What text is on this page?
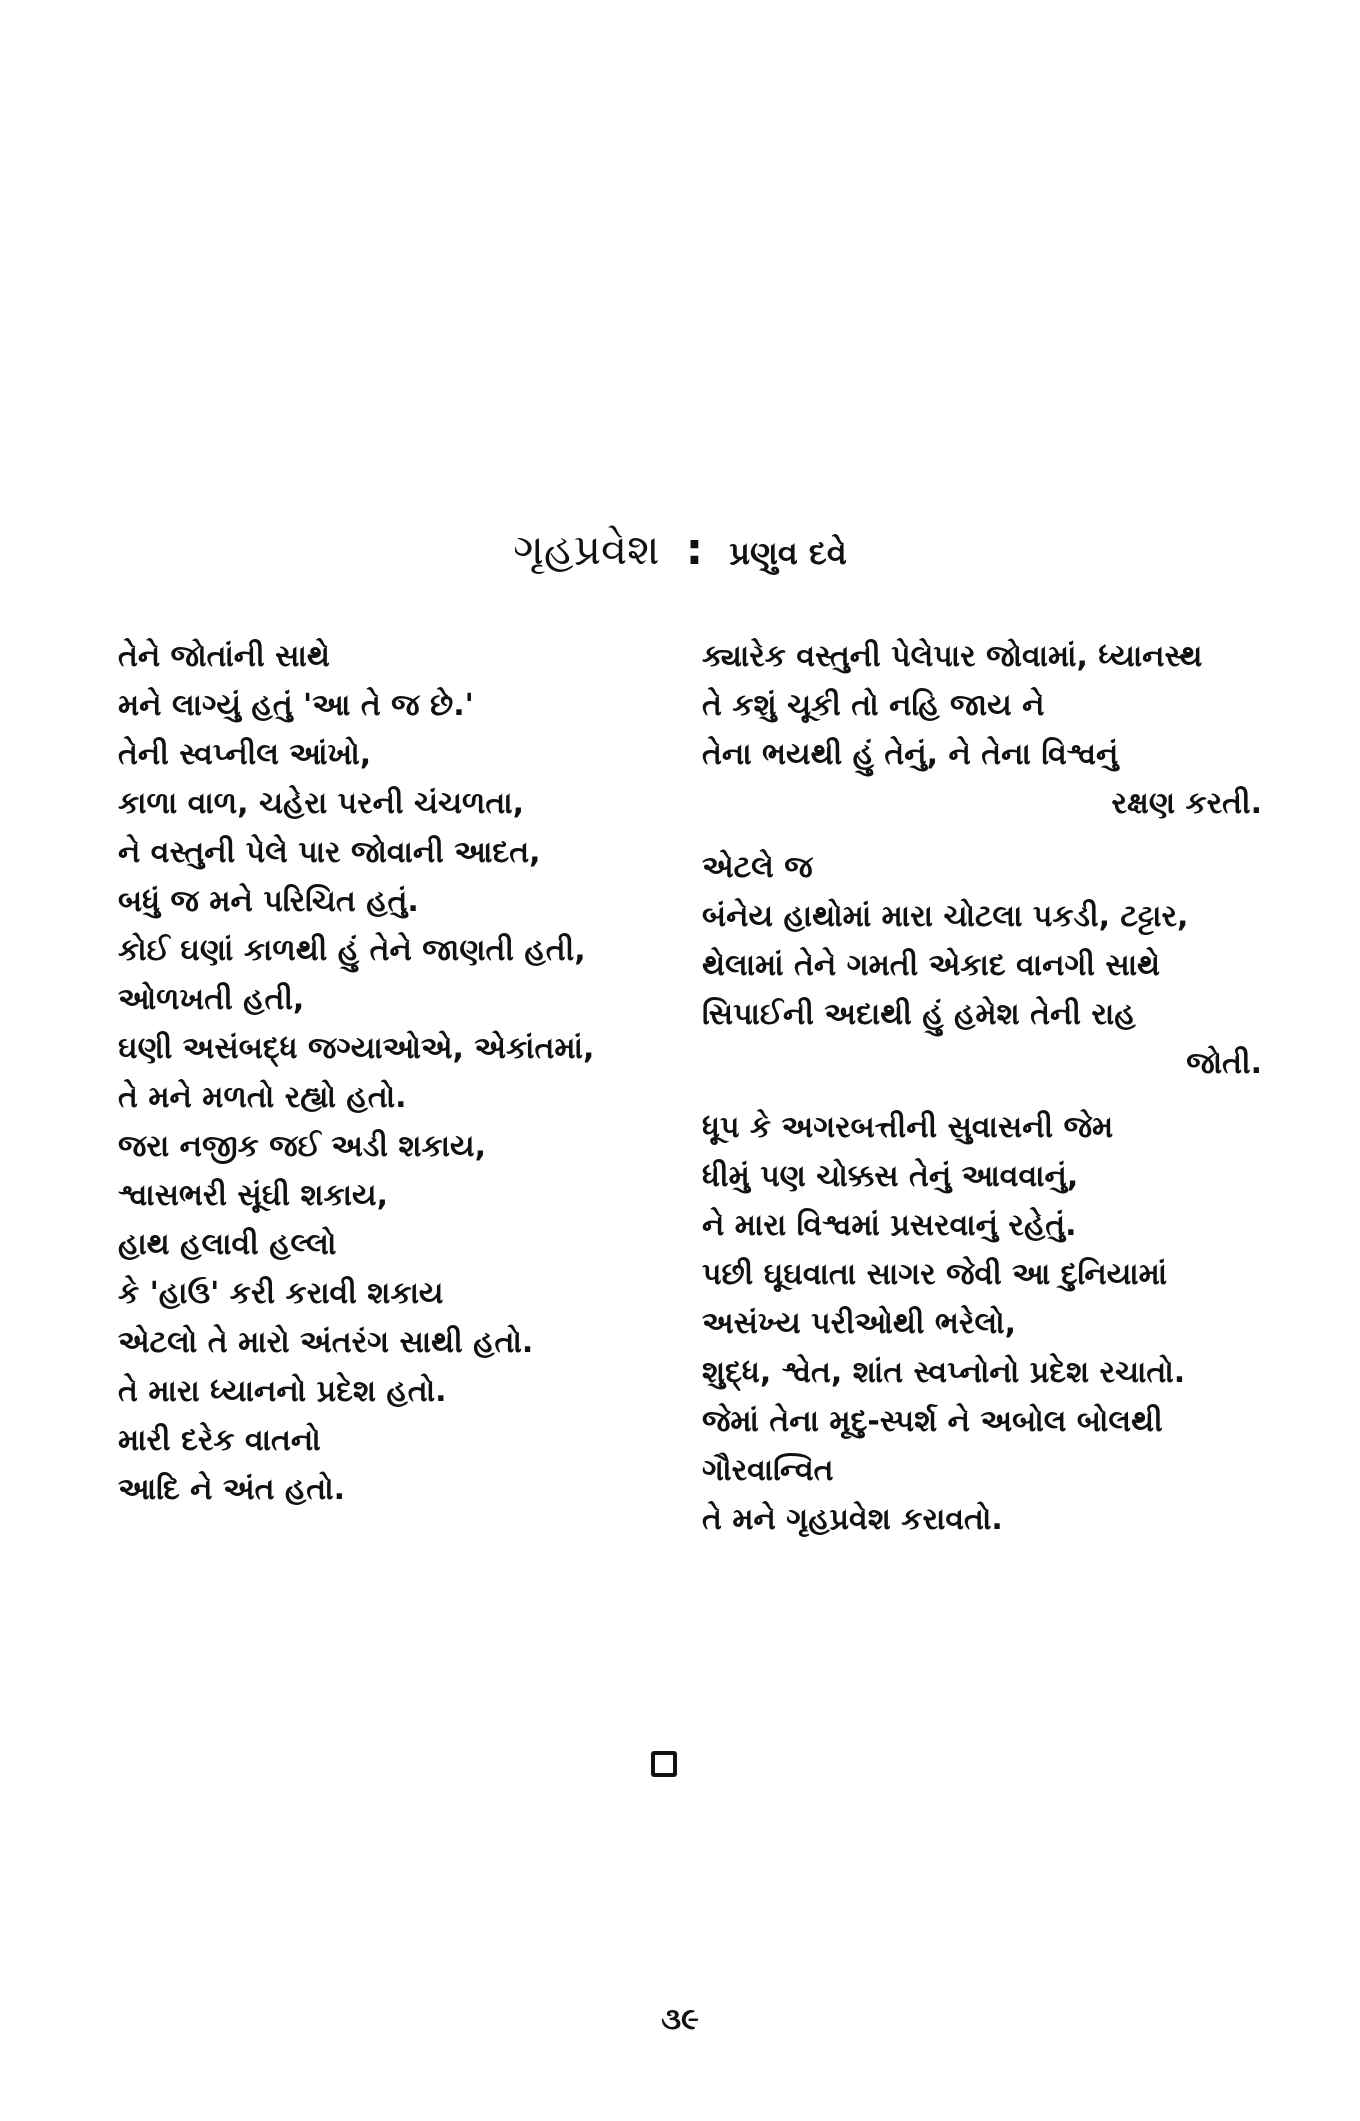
ગૃહપ્રવેશ : પ્રણુવ દવે
તેને જોતાંની સાથે
મને લાગ્યું હતું 'આ તે જ છે.'
તેની સ્વપ્નીલ આંખો,
કાળા વાળ, ચહેરા પરની ચંચળતા,
ને વસ્તુની પેલે પાર જોવાની આદત,
બધું જ મને પરિચિત હતું.
કોઈ ઘણાં કાળથી હું તેને જાણતી હતી,
ઓળખતી હતી,
ઘણી અસંબદ્ધ જગ્યાઓએ, એકાંતમાં,
તે મને મળતો રહ્યો હતો.
જરા નજીક જઈ અડી શકાય,
શ્વાસભરી સૂંઘી શકાય,
હાથ હલાવી હલ્લો
કે 'હાઉ' કરી કરાવી શકાય
એટલો તે મારો અંતરંગ સાથી હતો.
તે મારા ધ્યાનનો પ્રદેશ હતો.
મારી દરેક વાતનો
આદિ ને અંત હતો.
ક્યારેક વસ્તુની પેલેપાર જોવામાં, ધ્યાનસ્થ
તે કશું ચૂકી તો નહિ જાય ને
તેના ભયથી હું તેનું, ને તેના વિશ્વનું
રક્ષણ કરતી.
એટલે જ
બંનેય હાથોમાં મારા ચોટલા પકડી, ટટ્ટાર,
થેલામાં તેને ગમતી એકાદ વાનગી સાથે
સિપાઈની અદાથી હું હમેશ તેની રાહ
જોતી.
ધૂપ કે અગરબત્તીની સુવાસની જેમ
ધીમું પણ ચોક્કસ તેનું આવવાનું,
ને મારા વિશ્વમાં પ્રસરવાનું રહેતું.
પછી ઘૂઘવાતા સાગર જેવી આ દુનિયામાં
અસંખ્ય પરીઓથી ભરેલો,
શુદ્ધ, શ્વેત, શાંત સ્વપ્નોનો પ્રદેશ રચાતો.
જેમાં તેના મૃદુ-સ્પર્શ ને અબોલ બોલથી
ગૌરવાન્વિત
તે મને ગૃહપ્રવેશ કરાવતો.
૩૯
